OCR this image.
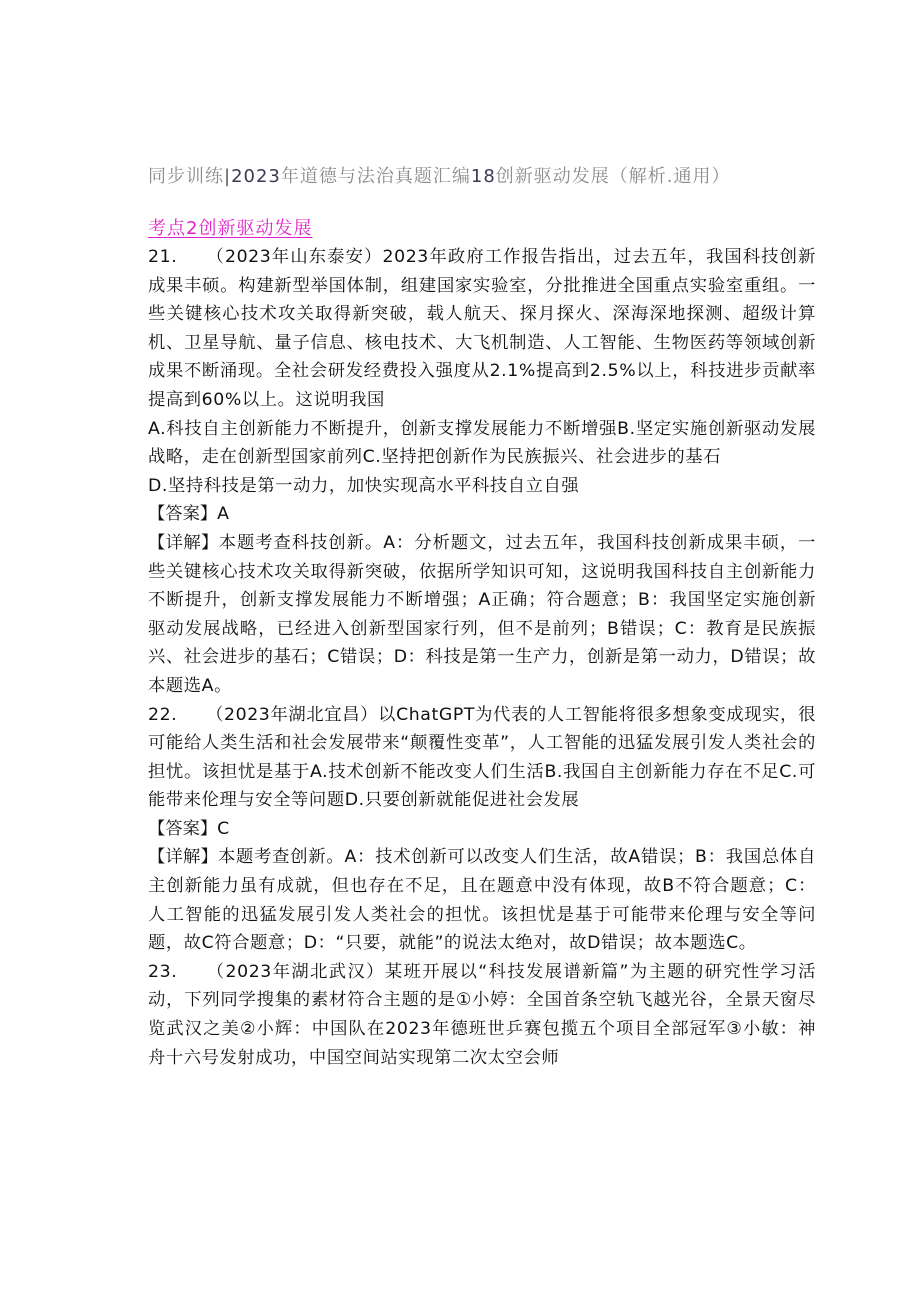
同步训练|2023年道德与法治真题汇编18创新驱动发展（解析.通用）
考点2创新驱动发展

21. （2023年山东泰安）2023年政府工作报告指出，过去五年，我国科技创新成果丰硕。构建新型举国体制，组建国家实验室，分批推进全国重点实验室重组。一些关键核心技术攻关取得新突破，载人航天、探月探火、深海深地探测、超级计算机、卫星导航、量子信息、核电技术、大飞机制造、人工智能、生物医药等领域创新成果不断涌现。全社会研发经费投入强度从2.1%提高到2.5%以上，科技进步贡献率提高到60%以上。这说明我国

A.科技自主创新能力不断提升，创新支撑发展能力不断增强B.坚定实施创新驱动发展战略，走在创新型国家前列C.坚持把创新作为民族振兴、社会进步的基石

D.坚持科技是第一动力，加快实现高水平科技自立自强

【答案】A

【详解】本题考查科技创新。A：分析题文，过去五年，我国科技创新成果丰硕，一些关键核心技术攻关取得新突破，依据所学知识可知，这说明我国科技自主创新能力不断提升，创新支撑发展能力不断增强；A正确；符合题意；B：我国坚定实施创新驱动发展战略，已经进入创新型国家行列，但不是前列；B错误；C：教育是民族振兴、社会进步的基石；C错误；D：科技是第一生产力，创新是第一动力，D错误；故本题选A。

22. （2023年湖北宜昌）以ChatGPT为代表的人工智能将很多想象变成现实，很可能给人类生活和社会发展带来“颠覆性变革”，人工智能的迅猛发展引发人类社会的担忧。该担忧是基于A.技术创新不能改变人们生活B.我国自主创新能力存在不足C.可能带来伦理与安全等问题D.只要创新就能促进社会发展

【答案】C

【详解】本题考查创新。A：技术创新可以改变人们生活，故A错误；B：我国总体自主创新能力虽有成就，但也存在不足，且在题意中没有体现，故B不符合题意；C：人工智能的迅猛发展引发人类社会的担忧。该担忧是基于可能带来伦理与安全等问题，故C符合题意；D：“只要，就能”的说法太绝对，故D错误；故本题选C。

23. （2023年湖北武汉）某班开展以“科技发展谱新篇”为主题的研究性学习活动，下列同学搜集的素材符合主题的是①小婷：全国首条空轨飞越光谷，全景天窗尽览武汉之美②小辉：中国队在2023年德班世乒赛包揽五个项目全部冠军③小敏：神舟十六号发射成功，中国空间站实现第二次太空会师
